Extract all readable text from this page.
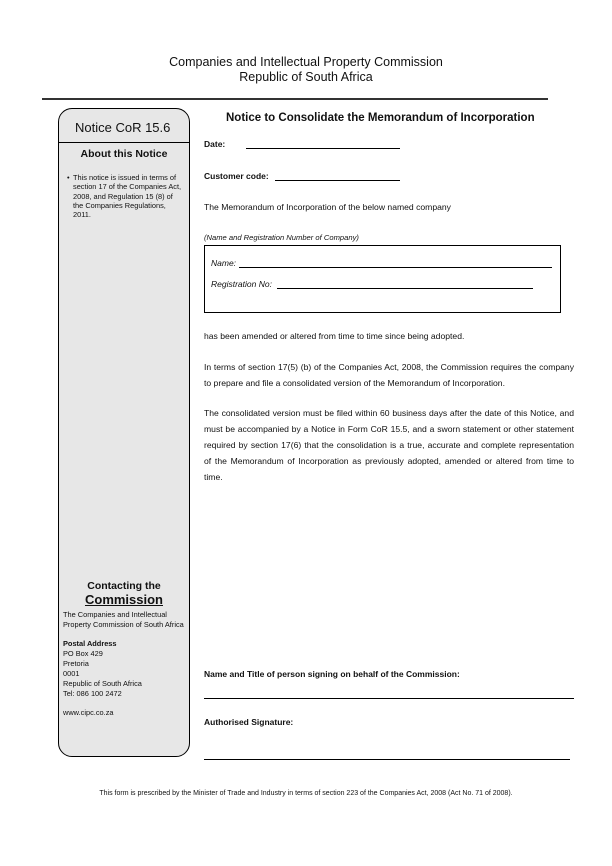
Companies and Intellectual Property Commission
Republic of South Africa
Notice CoR 15.6
About this Notice
• This notice is issued in terms of section 17 of the Companies Act, 2008, and Regulation 15 (8) of the Companies Regulations, 2011.
Contacting the
Commission
The Companies and Intellectual Property Commission of South Africa
Postal Address
PO Box 429
Pretoria
0001
Republic of South Africa
Tel: 086 100 2472
www.cipc.co.za
Notice to Consolidate the Memorandum of Incorporation
Date:
Customer code:
The Memorandum of Incorporation of the below named company
(Name and Registration Number of Company)
Name:
Registration No:
has been amended or altered from time to time since being adopted.
In terms of section 17(5) (b) of the Companies Act, 2008, the Commission requires the company to prepare and file a consolidated version of the Memorandum of Incorporation.
The consolidated version must be filed within 60 business days after the date of this Notice, and must be accompanied by a Notice in Form CoR 15.5, and a sworn statement or other statement required by section 17(6) that the consolidation is a true, accurate and complete representation of the Memorandum of Incorporation as previously adopted, amended or altered from time to time.
Name and Title of person signing on behalf of the Commission:
Authorised Signature:
This form is prescribed by the Minister of Trade and Industry in terms of section 223 of the Companies Act, 2008 (Act No. 71 of 2008).
